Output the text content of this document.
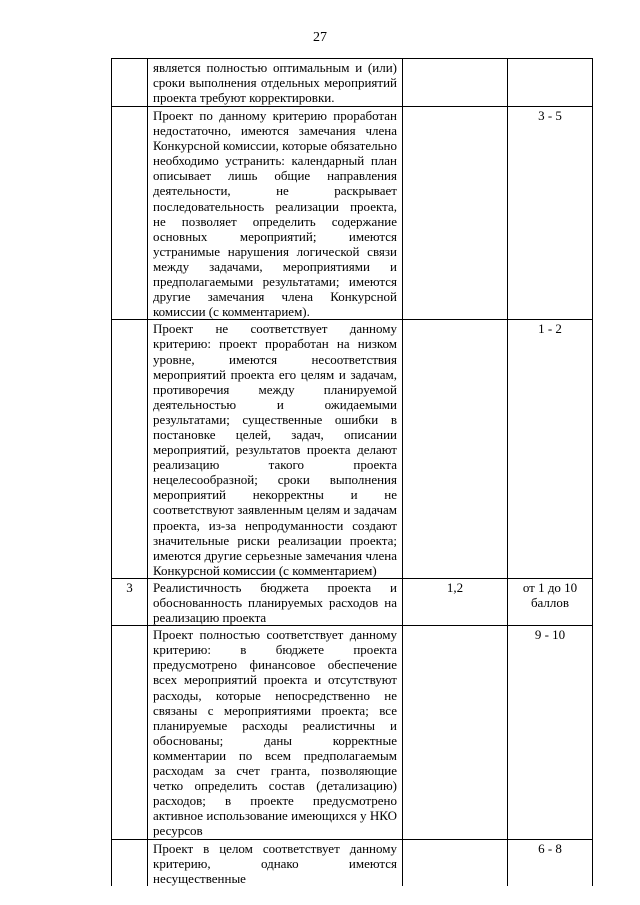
27
	является полностью оптимальным и (или) сроки выполнения отдельных мероприятий проекта требуют корректировки.		
	Проект по данному критерию проработан недостаточно, имеются замечания члена Конкурсной комиссии, которые обязательно необходимо устранить: календарный план описывает лишь общие направления деятельности, не раскрывает последовательность реализации проекта, не позволяет определить содержание основных мероприятий; имеются устранимые нарушения логической связи между задачами, мероприятиями и предполагаемыми результатами; имеются другие замечания члена Конкурсной комиссии (с комментарием).		3 - 5
	Проект не соответствует данному критерию: проект проработан на низком уровне, имеются несоответствия мероприятий проекта его целям и задачам, противоречия между планируемой деятельностью и ожидаемыми результатами; существенные ошибки в постановке целей, задач, описании мероприятий, результатов проекта делают реализацию такого проекта нецелесообразной; сроки выполнения мероприятий некорректны и не соответствуют заявленным целям и задачам проекта, из-за непродуманности создают значительные риски реализации проекта; имеются другие серьезные замечания члена Конкурсной комиссии (с комментарием)		1 - 2
3	Реалистичность бюджета проекта и обоснованность планируемых расходов на реализацию проекта	1,2	от 1 до 10 баллов
	Проект полностью соответствует данному критерию: в бюджете проекта предусмотрено финансовое обеспечение всех мероприятий проекта и отсутствуют расходы, которые непосредственно не связаны с мероприятиями проекта; все планируемые расходы реалистичны и обоснованы; даны корректные комментарии по всем предполагаемым расходам за счет гранта, позволяющие четко определить состав (детализацию) расходов; в проекте предусмотрено активное использование имеющихся у НКО ресурсов		9 - 10
	Проект в целом соответствует данному критерию, однако имеются несущественные		6 - 8
